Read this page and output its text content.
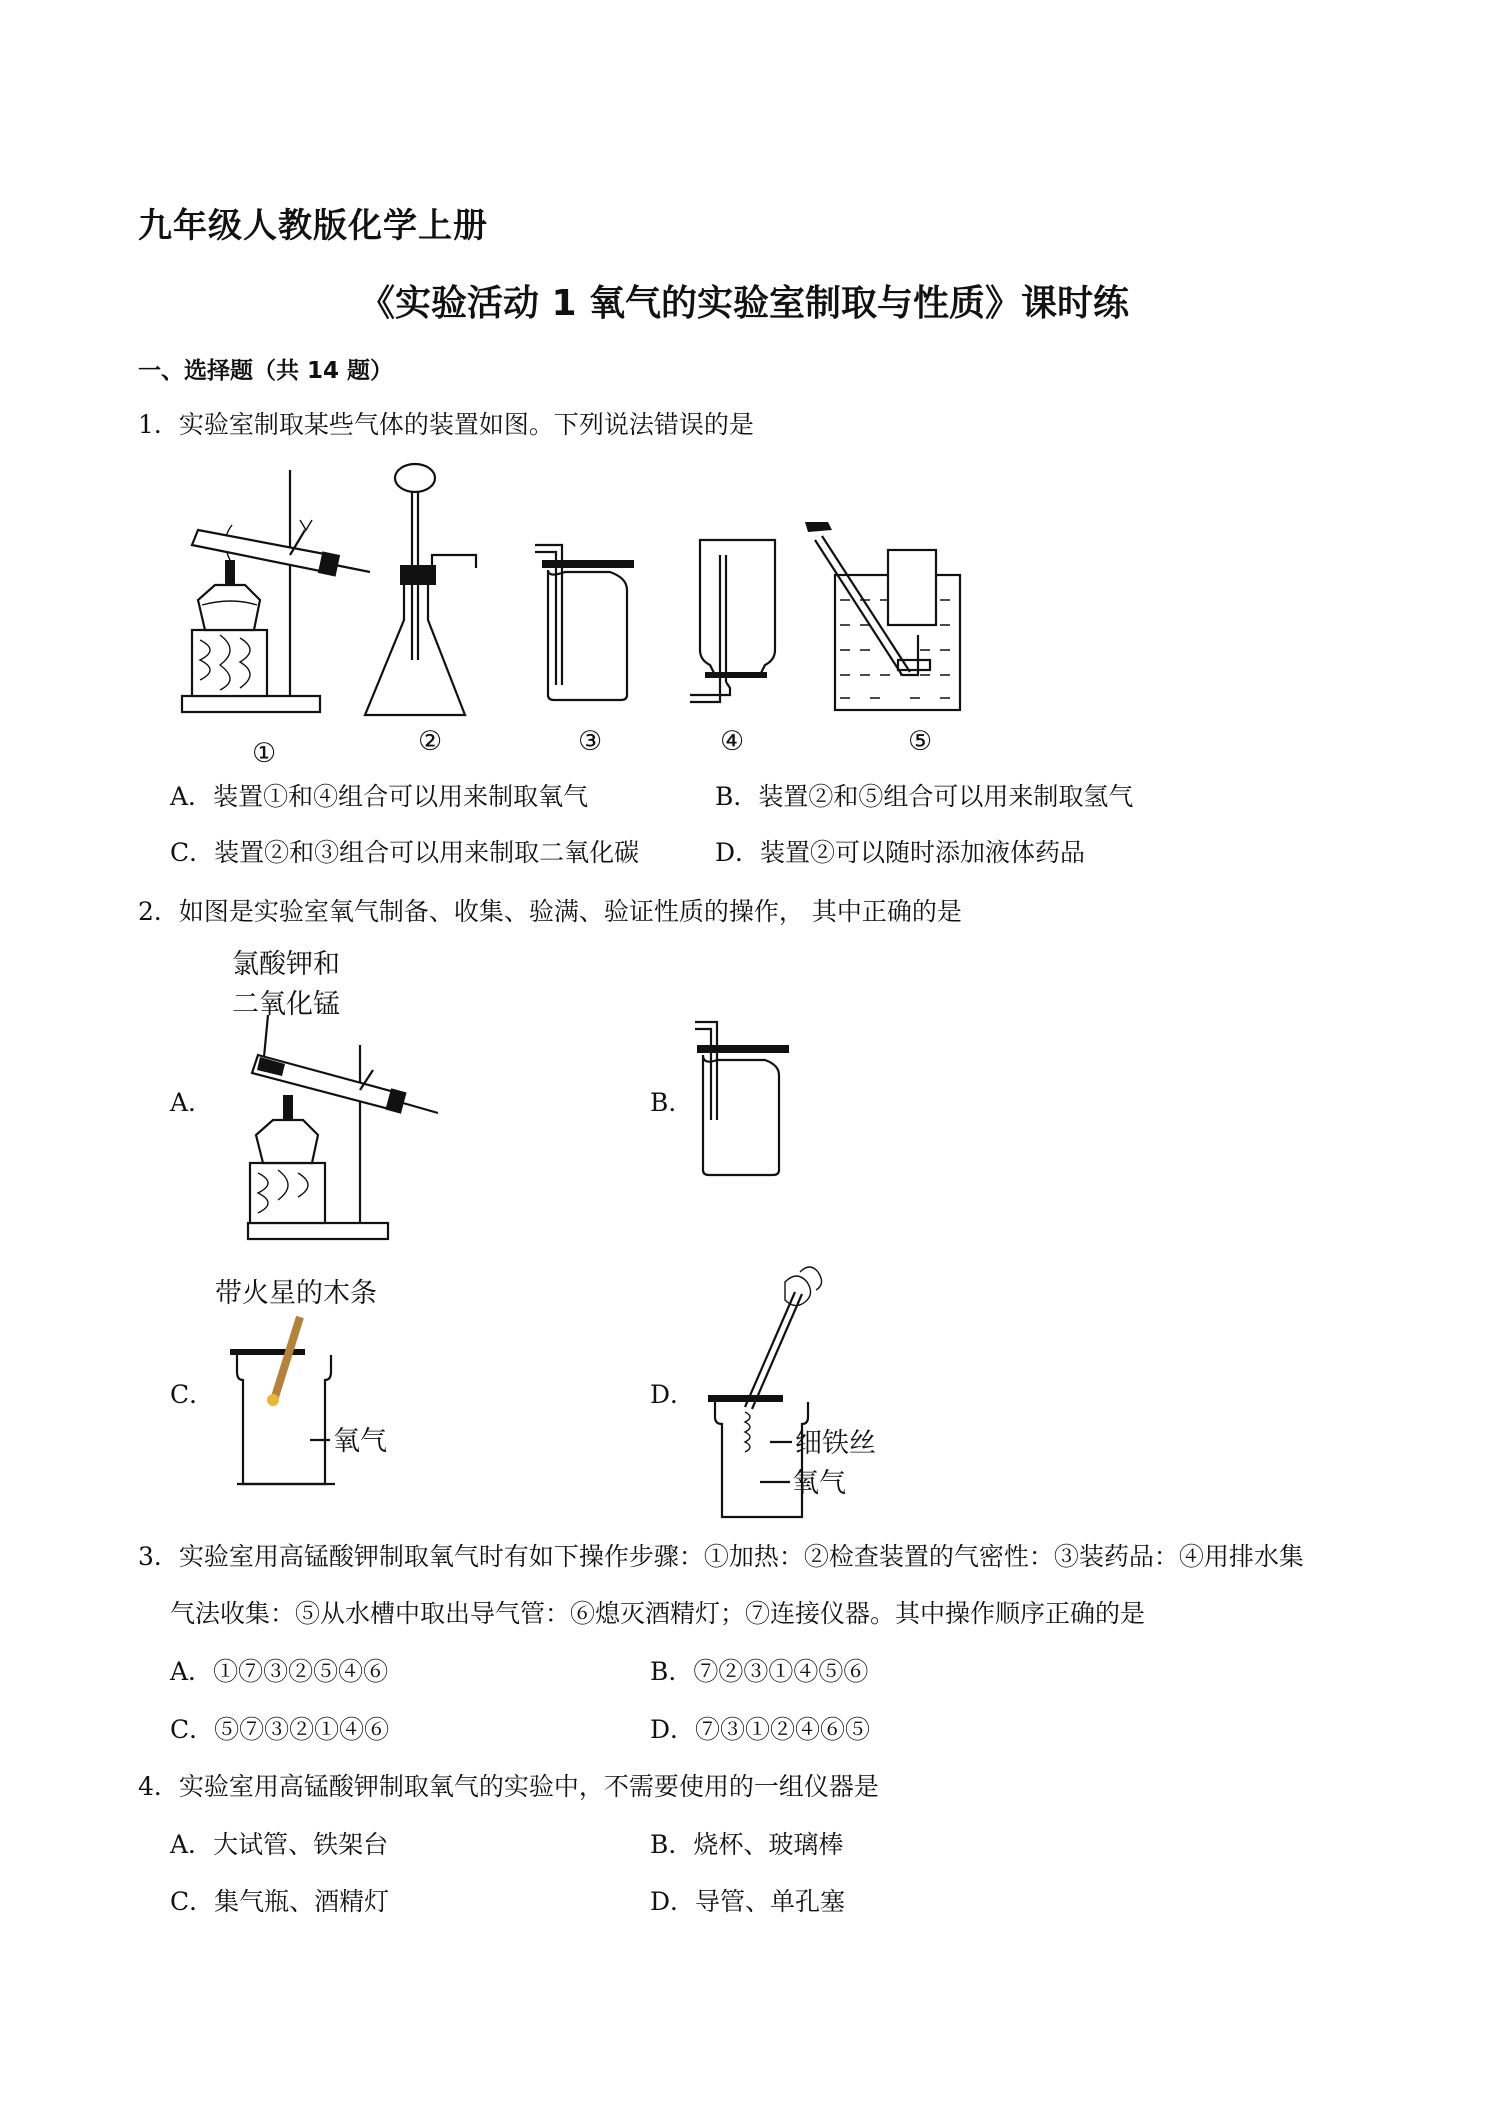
九年级人教版化学上册
《实验活动 1 氧气的实验室制取与性质》课时练
一、选择题（共 14 题）
1．实验室制取某些气体的装置如图。下列说法错误的是
①	②	③	④	⑤
A．装置①和④组合可以用来制取氧气	B．装置②和⑤组合可以用来制取氢气
C．装置②和③组合可以用来制取二氧化碳	D．装置②可以随时添加液体药品
2．如图是实验室氧气制备、收集、验满、验证性质的操作， 其中正确的是
A．
氯酸钾和
二氧化锰
B．
C．
带火星的木条
氧气
D．
细铁丝
氧气
3．实验室用高锰酸钾制取氧气时有如下操作步骤：①加热：②检查装置的气密性：③装药品：④用排水集
气法收集：⑤从水槽中取出导气管：⑥熄灭酒精灯；⑦连接仪器。其中操作顺序正确的是
A．①⑦③②⑤④⑥	B．⑦②③①④⑤⑥
C．⑤⑦③②①④⑥	D．⑦③①②④⑥⑤
4．实验室用高锰酸钾制取氧气的实验中，不需要使用的一组仪器是
A．大试管、铁架台	B．烧杯、玻璃棒
C．集气瓶、酒精灯	D．导管、单孔塞
